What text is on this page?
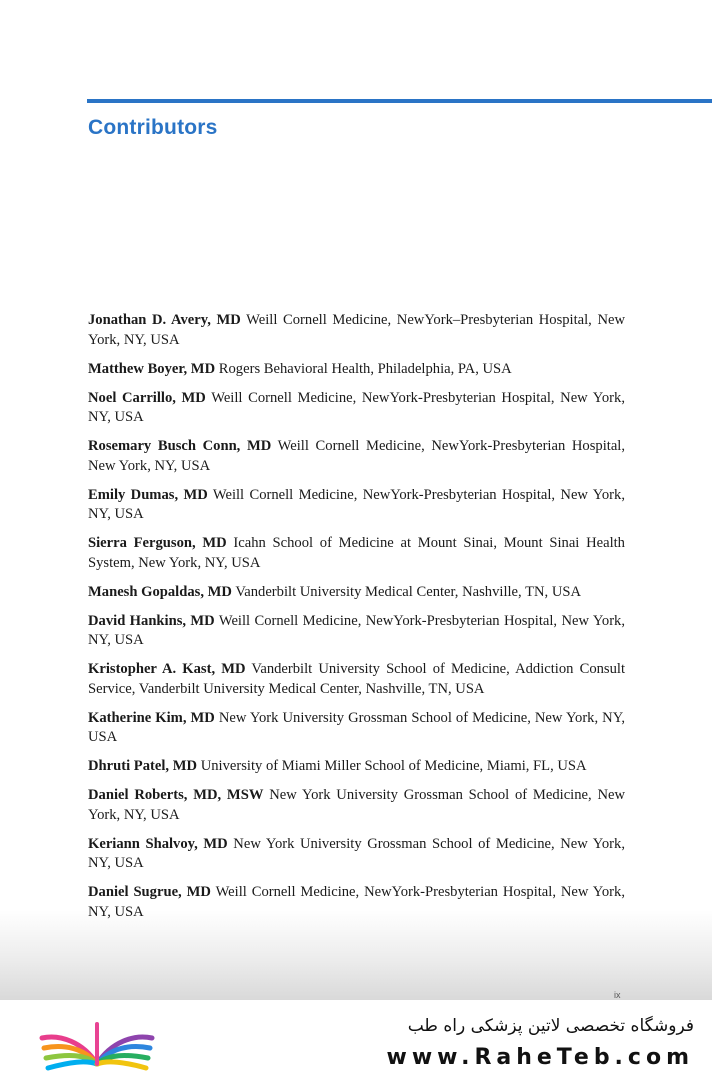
Contributors
Jonathan D. Avery, MD Weill Cornell Medicine, NewYork–Presbyterian Hospital, New York, NY, USA
Matthew Boyer, MD Rogers Behavioral Health, Philadelphia, PA, USA
Noel Carrillo, MD Weill Cornell Medicine, NewYork-Presbyterian Hospital, New York, NY, USA
Rosemary Busch Conn, MD Weill Cornell Medicine, NewYork-Presbyterian Hospital, New York, NY, USA
Emily Dumas, MD Weill Cornell Medicine, NewYork-Presbyterian Hospital, New York, NY, USA
Sierra Ferguson, MD Icahn School of Medicine at Mount Sinai, Mount Sinai Health System, New York, NY, USA
Manesh Gopaldas, MD Vanderbilt University Medical Center, Nashville, TN, USA
David Hankins, MD Weill Cornell Medicine, NewYork-Presbyterian Hospital, New York, NY, USA
Kristopher A. Kast, MD Vanderbilt University School of Medicine, Addiction Consult Service, Vanderbilt University Medical Center, Nashville, TN, USA
Katherine Kim, MD New York University Grossman School of Medicine, New York, NY, USA
Dhruti Patel, MD University of Miami Miller School of Medicine, Miami, FL, USA
Daniel Roberts, MD, MSW New York University Grossman School of Medicine, New York, NY, USA
Keriann Shalvoy, MD New York University Grossman School of Medicine, New York, NY, USA
Daniel Sugrue, MD Weill Cornell Medicine, NewYork-Presbyterian Hospital, New York, NY, USA
ix
فروشگاه تخصصی لاتین پزشکی راه طب
www.RaheTeb.com
